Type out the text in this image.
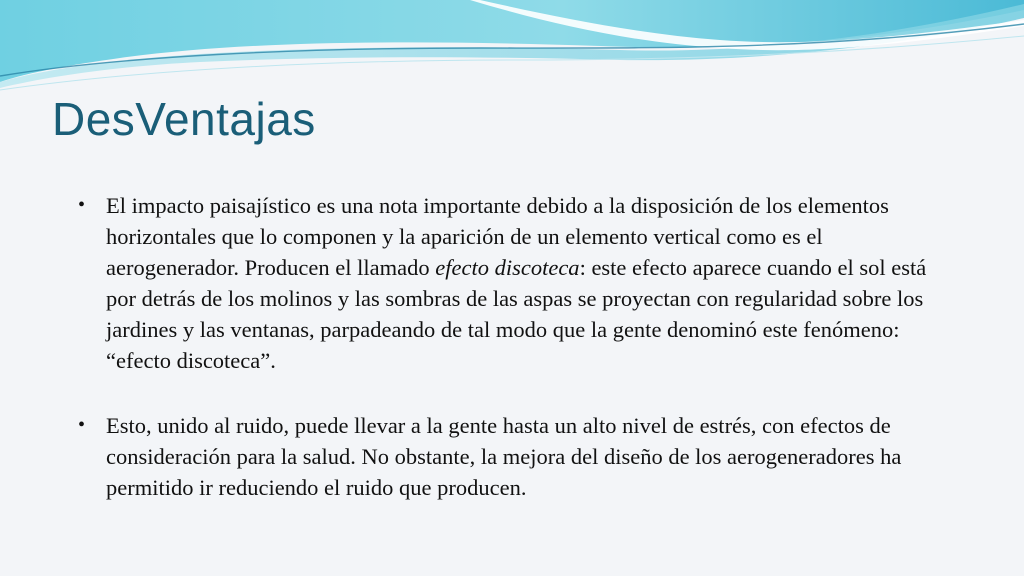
DesVentajas
• El impacto paisajístico es una nota importante debido a la disposición de los elementos horizontales que lo componen y la aparición de un elemento vertical como es el aerogenerador. Producen el llamado efecto discoteca: este efecto aparece cuando el sol está por detrás de los molinos y las sombras de las aspas se proyectan con regularidad sobre los jardines y las ventanas, parpadeando de tal modo que la gente denominó este fenómeno: “efecto discoteca”.
• Esto, unido al ruido, puede llevar a la gente hasta un alto nivel de estrés, con efectos de consideración para la salud. No obstante, la mejora del diseño de los aerogeneradores ha permitido ir reduciendo el ruido que producen.
